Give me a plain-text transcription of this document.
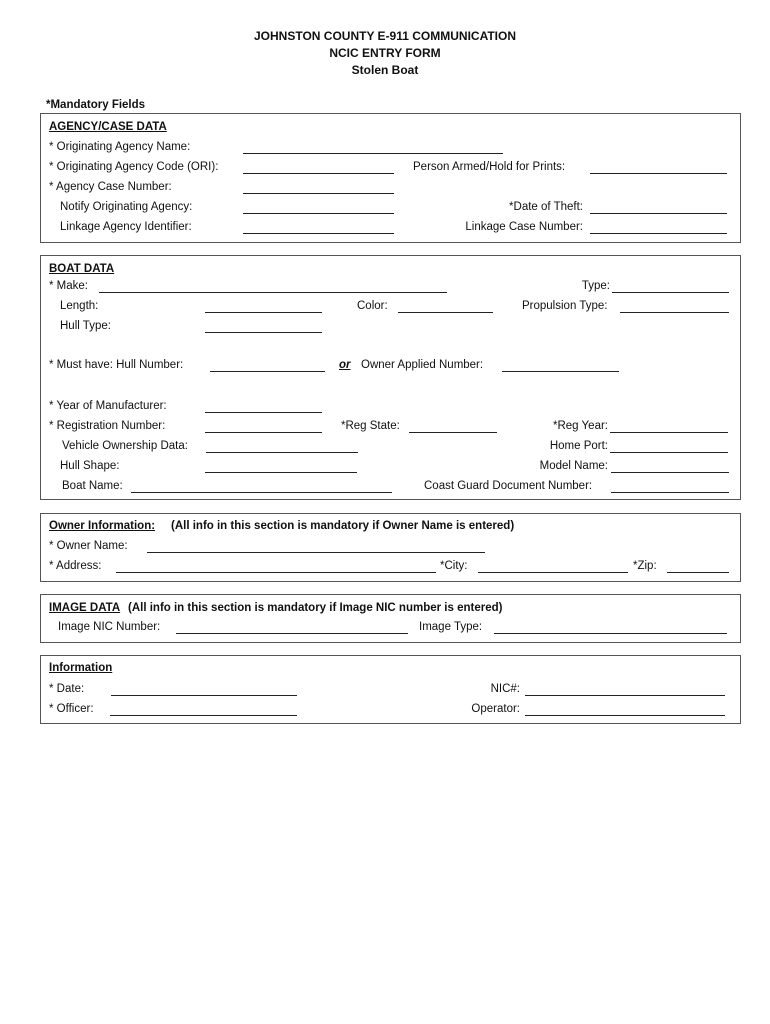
JOHNSTON COUNTY E-911 COMMUNICATION
NCIC ENTRY FORM
Stolen Boat
*Mandatory Fields
AGENCY/CASE DATA
* Originating Agency Name:
* Originating Agency Code (ORI):	Person Armed/Hold for Prints:
* Agency Case Number:
Notify Originating Agency:	*Date of Theft:
Linkage Agency Identifier:	Linkage Case Number:
BOAT DATA
* Make:	Type:
Length:	Color:	Propulsion Type:
Hull Type:
* Must have: Hull Number:	or Owner Applied Number:
* Year of Manufacturer:
* Registration Number:	*Reg State:	*Reg Year:
Vehicle Ownership Data:	Home Port:
Hull Shape:	Model Name:
Boat Name:	Coast Guard Document Number:
Owner Information: (All info in this section is mandatory if Owner Name is entered)
* Owner Name:
* Address:	*City:	*Zip:
IMAGE DATA (All info in this section is mandatory if Image NIC number is entered)
Image NIC Number:	Image Type:
Information
* Date:	NIC#:
* Officer:	Operator:
